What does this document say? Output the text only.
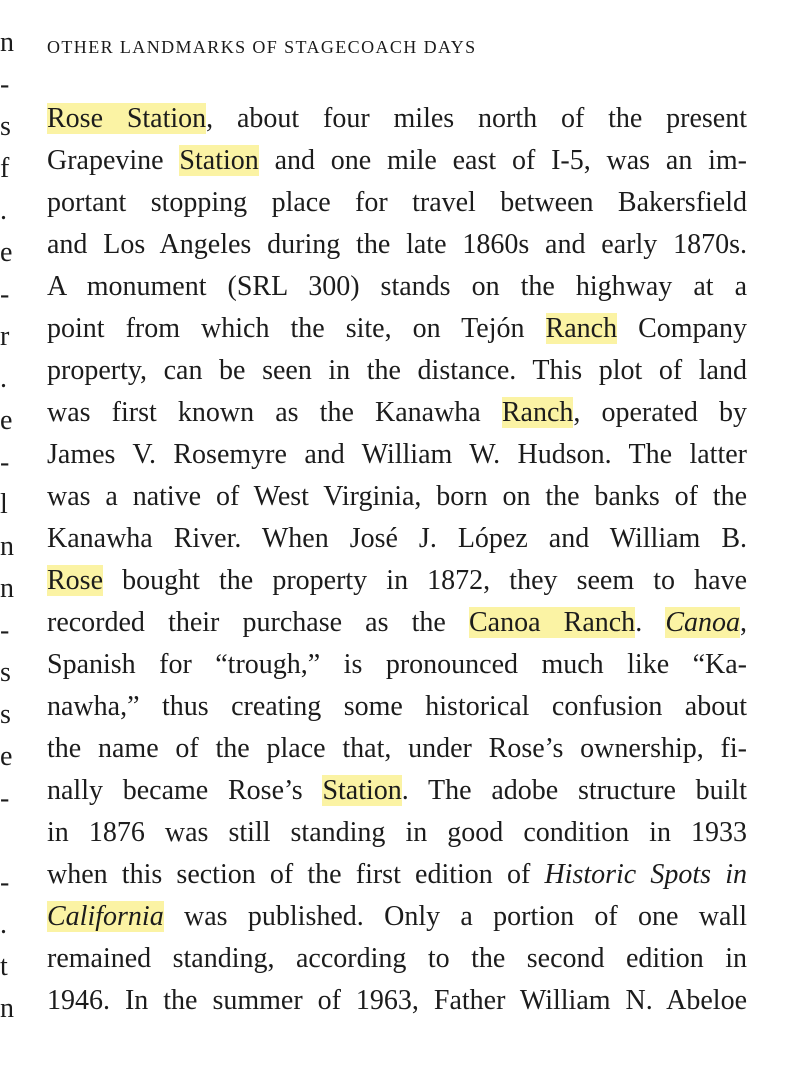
n
-
s
f
.
e
-
r
.
e
-
l
n
n
-
s
s
e
-
-
.
t
n
other landmarks of stagecoach days
Rose Station, about four miles north of the present
Grapevine Station and one mile east of I-5, was an im-
portant stopping place for travel between Bakersfield
and Los Angeles during the late 1860s and early 1870s.
A monument (SRL 300) stands on the highway at a
point from which the site, on Tejón Ranch Company
property, can be seen in the distance. This plot of land
was first known as the Kanawha Ranch, operated by
James V. Rosemyre and William W. Hudson. The latter
was a native of West Virginia, born on the banks of the
Kanawha River. When José J. López and William B.
Rose bought the property in 1872, they seem to have
recorded their purchase as the Canoa Ranch. Canoa,
Spanish for “trough,” is pronounced much like “Ka-
nawha,” thus creating some historical confusion about
the name of the place that, under Rose’s ownership, fi-
nally became Rose’s Station. The adobe structure built
in 1876 was still standing in good condition in 1933
when this section of the first edition of Historic Spots in
California was published. Only a portion of one wall
remained standing, according to the second edition in
1946. In the summer of 1963, Father William N. Abeloe
